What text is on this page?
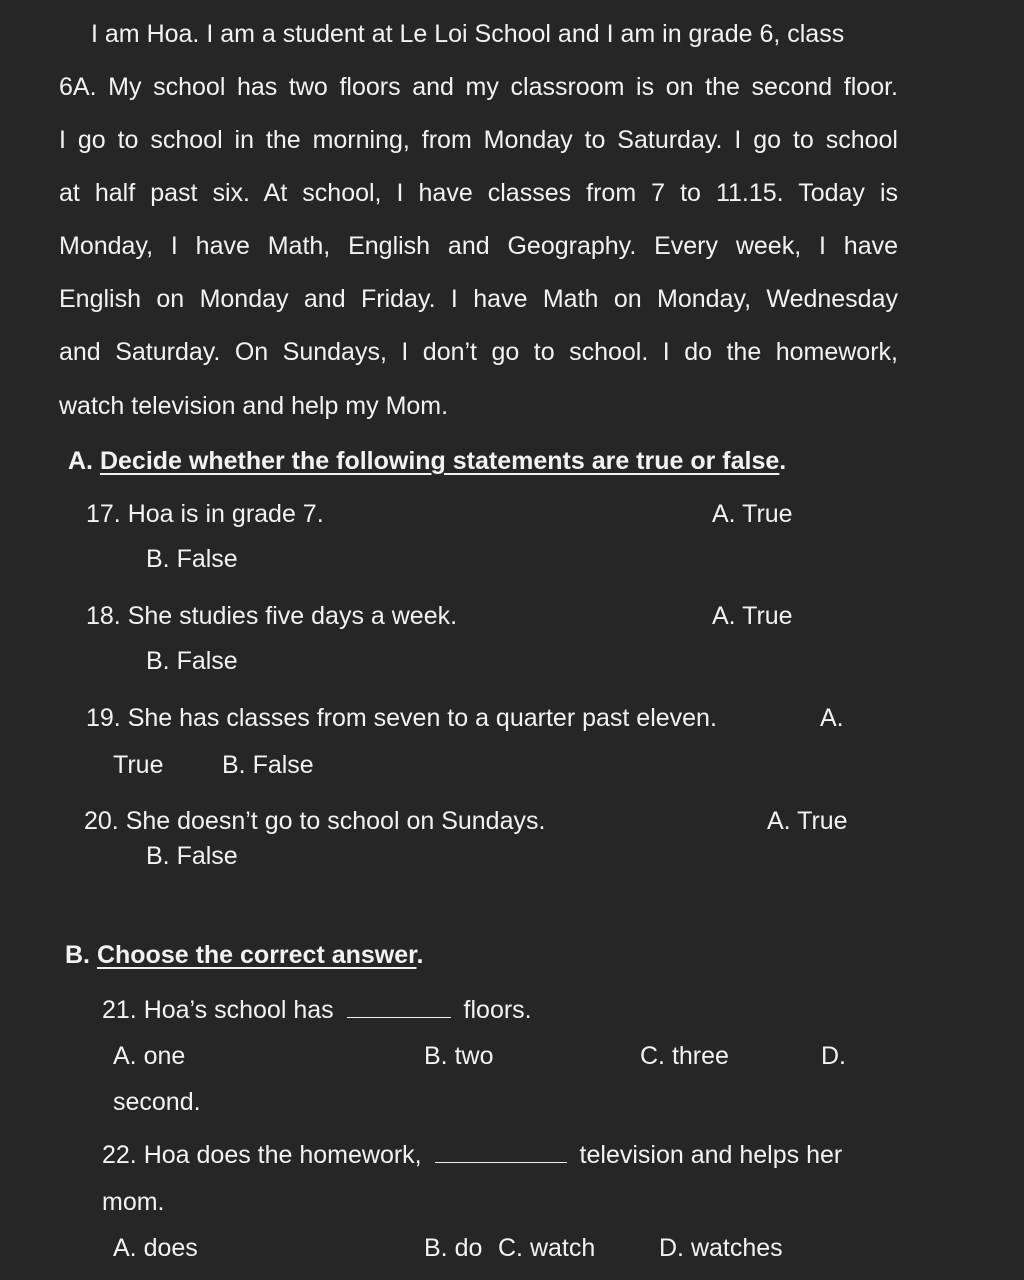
I am Hoa. I am a student at Le Loi School and I am in grade 6, class
6A. My school has two floors and my classroom is on the second floor.
I go to school in the morning, from Monday to Saturday. I go to school
at half past six. At school, I have classes from 7 to 11.15. Today is
Monday, I have Math, English and Geography. Every week, I have
English on Monday and Friday. I have Math on Monday, Wednesday
and Saturday. On Sundays, I don’t go to school. I do the homework,
watch television and help my Mom.
A. Decide whether the following statements are true or false.
17. Hoa is in grade 7.	A. True
B. False
18. She studies five days a week.	A. True
B. False
19. She has classes from seven to a quarter past eleven.	A.
True B. False
20. She doesn’t go to school on Sundays.	A. True
B. False
B. Choose the correct answer.
21. Hoa’s school has	floors.
A. one	B. two	C. three	D.
second.
22. Hoa does the homework,	television and helps her
mom.
A. does	B. do C. watch	D. watches
